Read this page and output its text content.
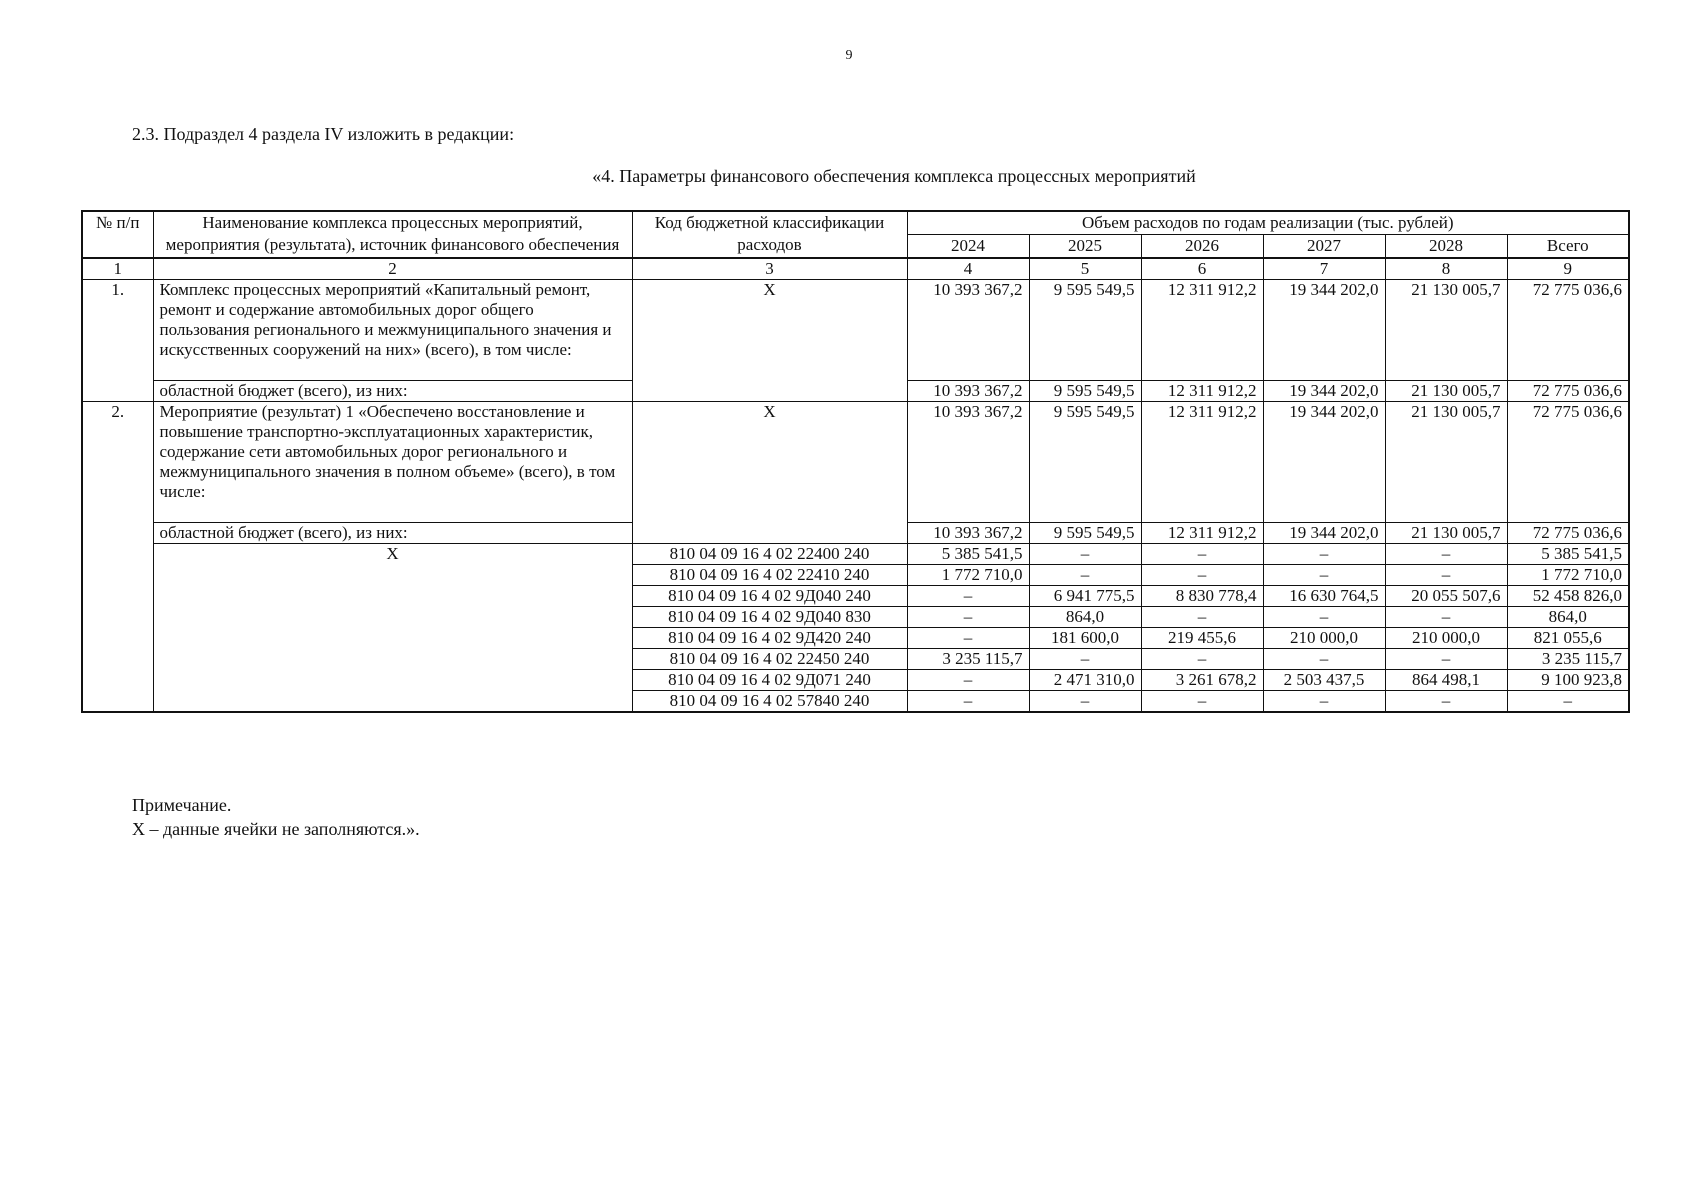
9
2.3. Подраздел 4 раздела IV изложить в редакции:
«4. Параметры финансового обеспечения комплекса процессных мероприятий
№ п/п	Наименование комплекса процессных мероприятий, мероприятия (результата), источник финансового обеспечения	Код бюджетной классификации расходов	Объем расходов по годам реализации (тыс. рублей)					
			2024	2025	2026	2027	2028	Всего
1	2	3	4	5	6	7	8	9
1.	Комплекс процессных мероприятий «Капитальный ремонт, ремонт и содержание автомобильных дорог общего пользования регионального и межмуниципального значения и искусственных сооружений на них» (всего), в том числе:	X	10 393 367,2	9 595 549,5	12 311 912,2	19 344 202,0	21 130 005,7	72 775 036,6
	областной бюджет (всего), из них:		10 393 367,2	9 595 549,5	12 311 912,2	19 344 202,0	21 130 005,7	72 775 036,6
2.	Мероприятие (результат) 1 «Обеспечено восстановление и повышение транспортно-эксплуатационных характеристик, содержание сети автомобильных дорог регионального и межмуниципального значения в полном объеме» (всего), в том числе:	X	10 393 367,2	9 595 549,5	12 311 912,2	19 344 202,0	21 130 005,7	72 775 036,6
	областной бюджет (всего), из них:		10 393 367,2	9 595 549,5	12 311 912,2	19 344 202,0	21 130 005,7	72 775 036,6
	X	810 04 09 16 4 02 22400 240	5 385 541,5	–	–	–	–	5 385 541,5
		810 04 09 16 4 02 22410 240	1 772 710,0	–	–	–	–	1 772 710,0
		810 04 09 16 4 02 9Д040 240	–	6 941 775,5	8 830 778,4	16 630 764,5	20 055 507,6	52 458 826,0
		810 04 09 16 4 02 9Д040 830	–	864,0	–	–	–	864,0
		810 04 09 16 4 02 9Д420 240	–	181 600,0	219 455,6	210 000,0	210 000,0	821 055,6
		810 04 09 16 4 02 22450 240	3 235 115,7	–	–	–	–	3 235 115,7
		810 04 09 16 4 02 9Д071 240	–	2 471 310,0	3 261 678,2	2 503 437,5	864 498,1	9 100 923,8
		810 04 09 16 4 02 57840 240	–	–	–	–	–	–
Примечание.
Х – данные ячейки не заполняются.».
